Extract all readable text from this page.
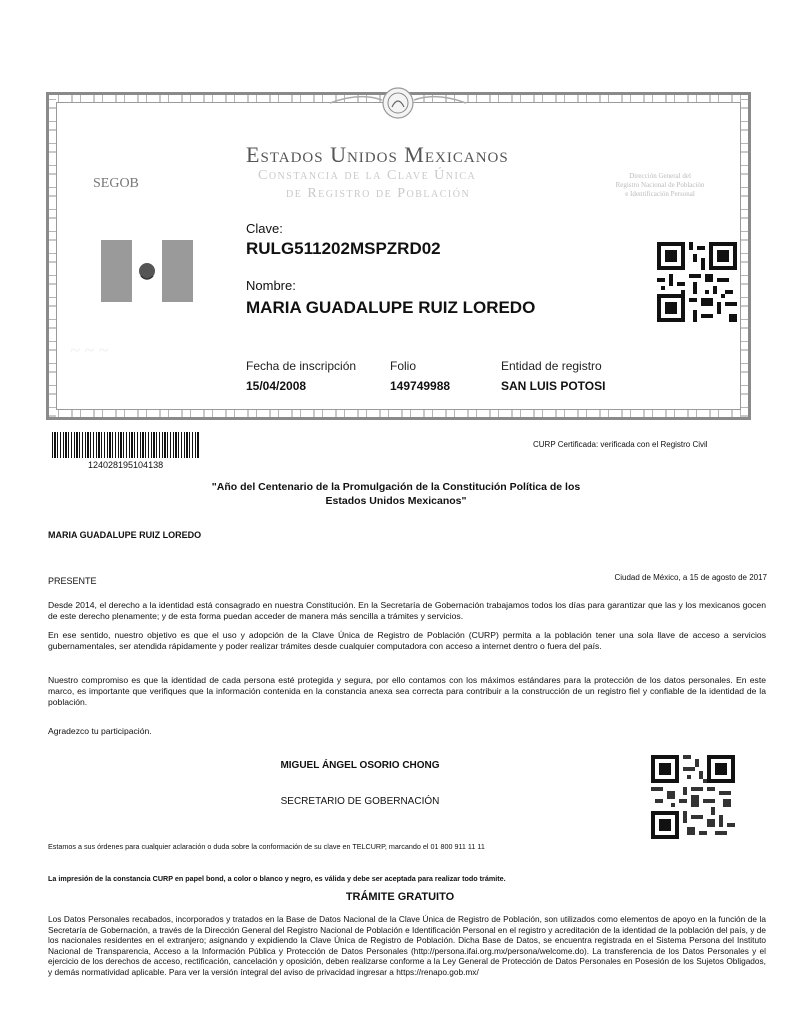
Estados Unidos Mexicanos
Constancia de la Clave Única
de Registro de Población
SEGOB	Dirección General del
Registro Nacional de Población
e Identificación Personal
~ ~ ~
Clave:
RULG511202MSPZRD02
Nombre:
MARIA GUADALUPE RUIZ LOREDO
Fecha de inscripción
15/04/2008
Folio
149749988
Entidad de registro
SAN LUIS POTOSI
124028195104138
CURP Certificada: verificada con el Registro Civil
"Año del Centenario de la Promulgación de la Constitución Política de los Estados Unidos Mexicanos"
MARIA GUADALUPE RUIZ LOREDO
PRESENTE	Ciudad de México, a 15 de agosto de 2017
Desde 2014, el derecho a la identidad está consagrado en nuestra Constitución. En la Secretaría de Gobernación trabajamos todos los días para garantizar que las y los mexicanos gocen de este derecho plenamente; y de esta forma puedan acceder de manera más sencilla a trámites y servicios.
En ese sentido, nuestro objetivo es que el uso y adopción de la Clave Única de Registro de Población (CURP) permita a la población tener una sola llave de acceso a servicios gubernamentales, ser atendida rápidamente y poder realizar trámites desde cualquier computadora con acceso a internet dentro o fuera del país.
Nuestro compromiso es que la identidad de cada persona esté protegida y segura, por ello contamos con los máximos estándares para la protección de los datos personales. En este marco, es importante que verifiques que la información contenida en la constancia anexa sea correcta para contribuir a la construcción de un registro fiel y confiable de la identidad de la población.
Agradezco tu participación.
MIGUEL ÁNGEL OSORIO CHONG
SECRETARIO DE GOBERNACIÓN
Estamos a sus órdenes para cualquier aclaración o duda sobre la conformación de su clave en TELCURP, marcando el 01 800 911 11 11
La impresión de la constancia CURP en papel bond, a color o blanco y negro, es válida y debe ser aceptada para realizar todo trámite.
TRÁMITE GRATUITO
Los Datos Personales recabados, incorporados y tratados en la Base de Datos Nacional de la Clave Única de Registro de Población, son utilizados como elementos de apoyo en la función de la Secretaría de Gobernación, a través de la Dirección General del Registro Nacional de Población e Identificación Personal en el registro y acreditación de la identidad de la población del país, y de los nacionales residentes en el extranjero; asignando y expidiendo la Clave Única de Registro de Población. Dicha Base de Datos, se encuentra registrada en el Sistema Persona del Instituto Nacional de Transparencia, Acceso a la Información Pública y Protección de Datos Personales (http://persona.ifai.org.mx/persona/welcome.do). La transferencia de los Datos Personales y el ejercicio de los derechos de acceso, rectificación, cancelación y oposición, deben realizarse conforme a la Ley General de Protección de Datos Personales en Posesión de los Sujetos Obligados, y demás normatividad aplicable. Para ver la versión íntegral del aviso de privacidad ingresar a https://renapo.gob.mx/
